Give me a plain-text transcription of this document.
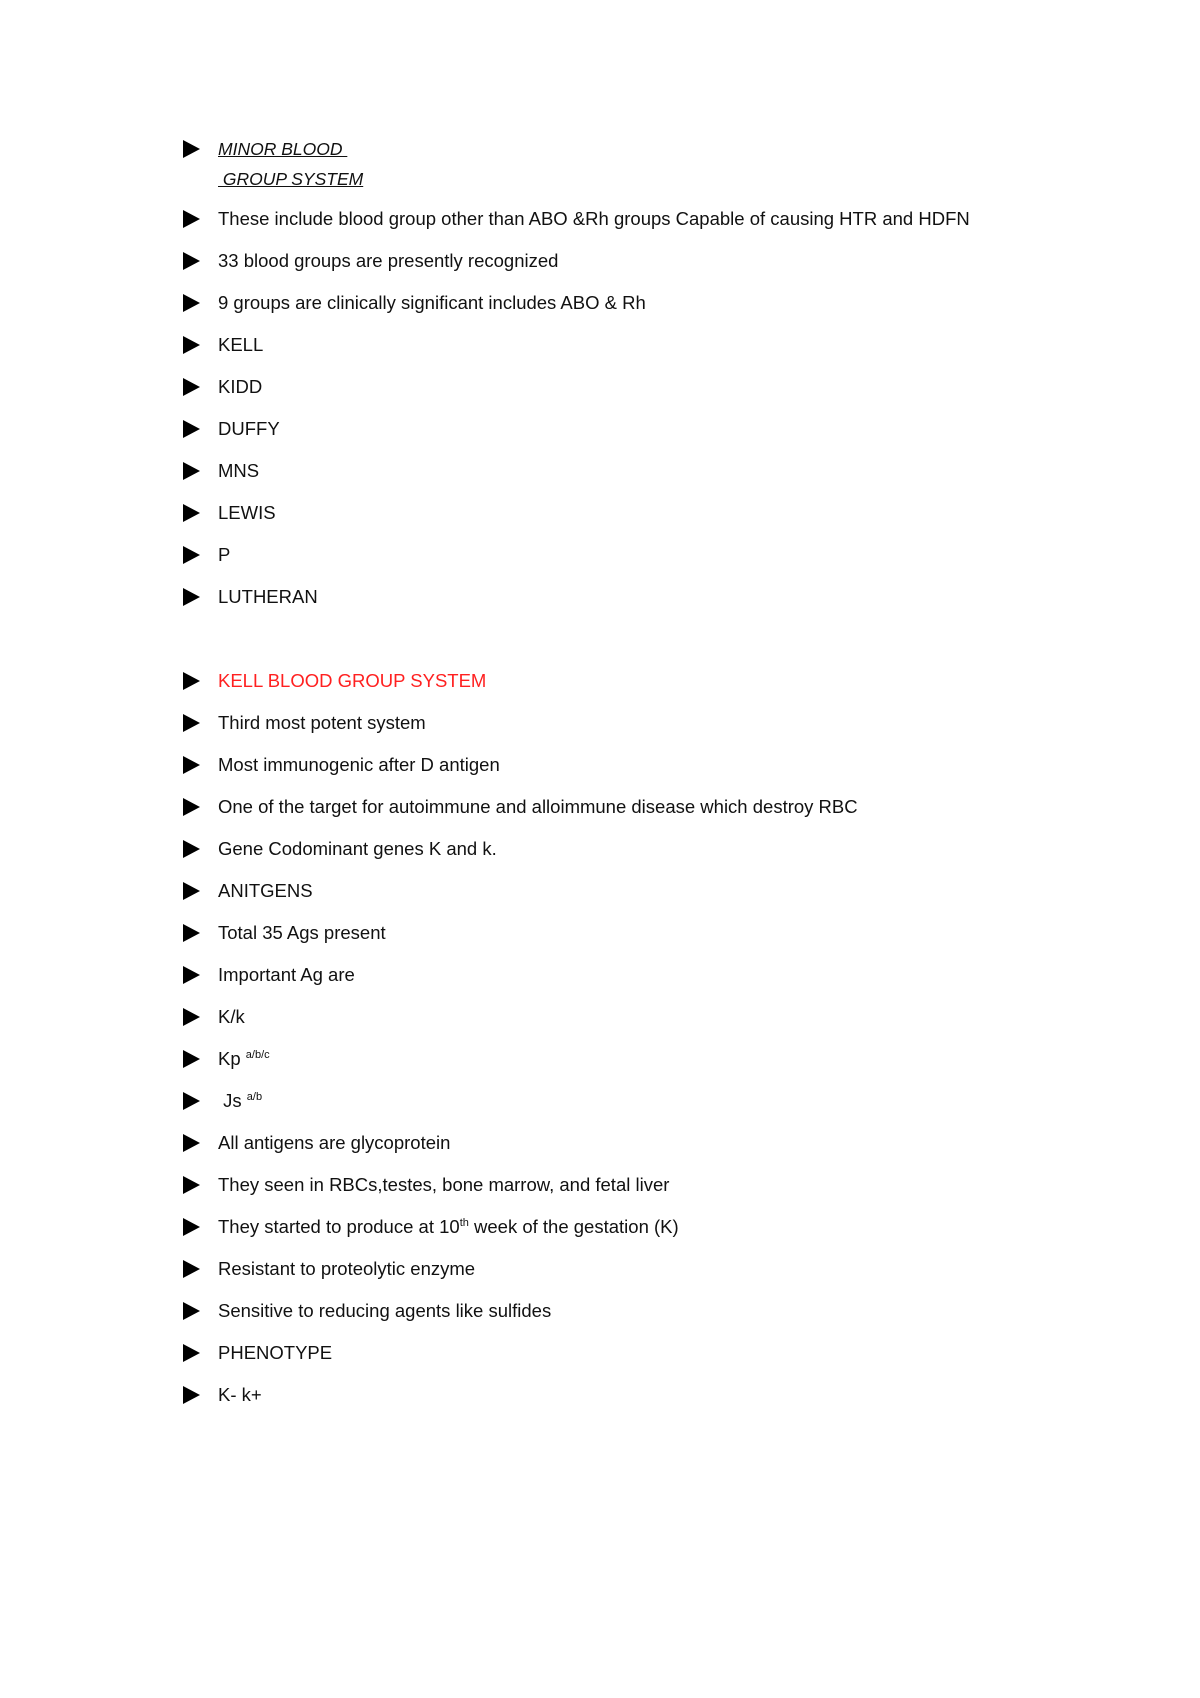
MINOR BLOOD
GROUP SYSTEM
These include blood group other than ABO &Rh groups Capable of causing HTR and HDFN
33 blood groups are presently recognized
9 groups are clinically significant includes ABO & Rh
KELL
KIDD
DUFFY
MNS
LEWIS
P
LUTHERAN
KELL BLOOD GROUP SYSTEM
Third most potent system
Most immunogenic after D antigen
One of the target for autoimmune and alloimmune disease which destroy RBC
Gene Codominant genes K and k.
ANITGENS
Total 35 Ags present
Important Ag are
K/k
Kp $^{a/b/c}$
Js $^{a/b}$
All antigens are glycoprotein
They seen in RBCs,testes, bone marrow, and fetal liver
They started to produce at 10th week of the gestation (K)
Resistant to proteolytic enzyme
Sensitive to reducing agents like sulfides
PHENOTYPE
K- k+
